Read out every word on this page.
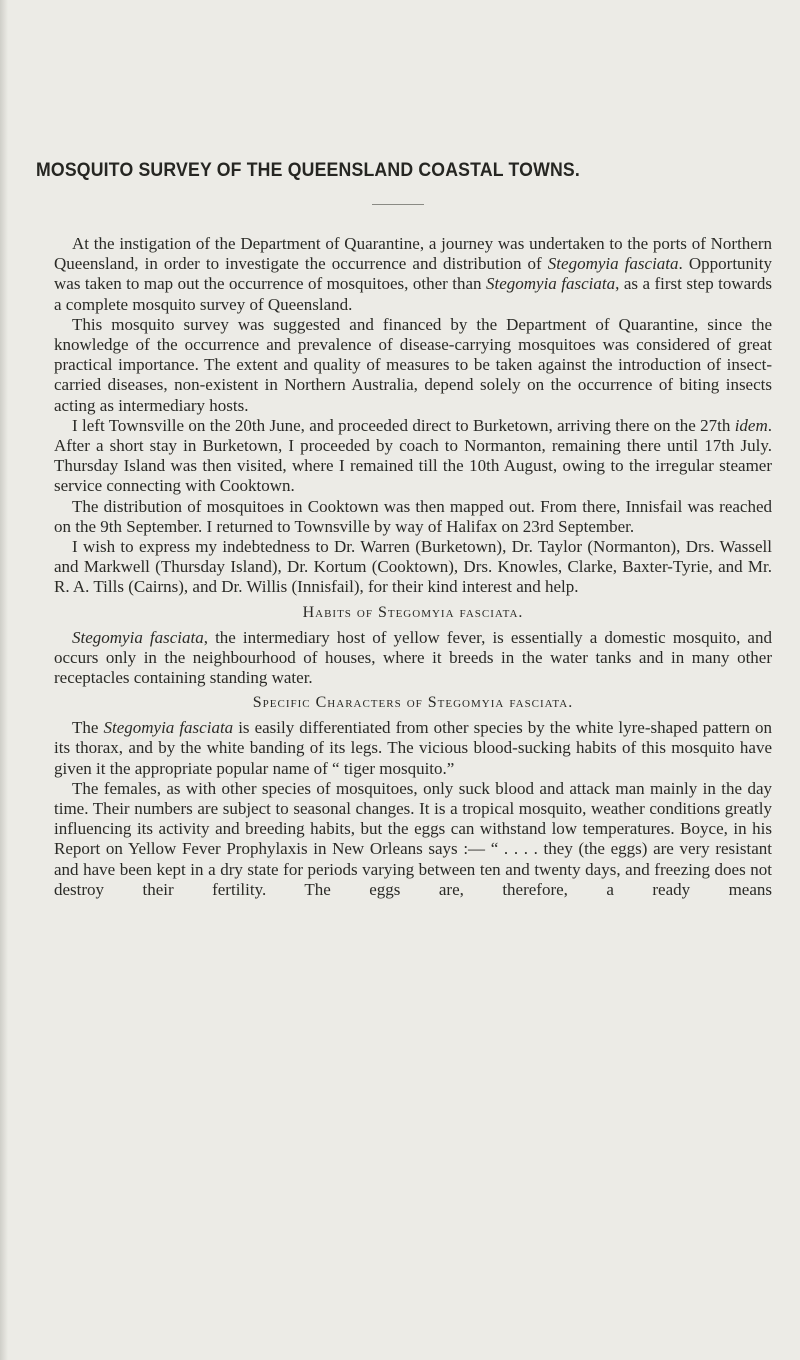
MOSQUITO SURVEY OF THE QUEENSLAND COASTAL TOWNS.

At the instigation of the Department of Quarantine, a journey was undertaken to the ports of Northern Queensland, in order to investigate the occurrence and distribution of Stegomyia fasciata. Opportunity was taken to map out the occurrence of mosquitoes, other than Stegomyia fasciata, as a first step towards a complete mosquito survey of Queensland.

This mosquito survey was suggested and financed by the Department of Quarantine, since the knowledge of the occurrence and prevalence of disease-carrying mosquitoes was considered of great practical importance. The extent and quality of measures to be taken against the introduction of insect-carried diseases, non-existent in Northern Australia, depend solely on the occurrence of biting insects acting as intermediary hosts.

I left Townsville on the 20th June, and proceeded direct to Burketown, arriving there on the 27th idem. After a short stay in Burketown, I proceeded by coach to Normanton, remaining there until 17th July. Thursday Island was then visited, where I remained till the 10th August, owing to the irregular steamer service connecting with Cooktown.

The distribution of mosquitoes in Cooktown was then mapped out. From there, Innisfail was reached on the 9th September. I returned to Townsville by way of Halifax on 23rd September.

I wish to express my indebtedness to Dr. Warren (Burketown), Dr. Taylor (Normanton), Drs. Wassell and Markwell (Thursday Island), Dr. Kortum (Cooktown), Drs. Knowles, Clarke, Baxter-Tyrie, and Mr. R. A. Tills (Cairns), and Dr. Willis (Innisfail), for their kind interest and help.

Habits of Stegomyia fasciata.

Stegomyia fasciata, the intermediary host of yellow fever, is essentially a domestic mosquito, and occurs only in the neighbourhood of houses, where it breeds in the water tanks and in many other receptacles containing standing water.

Specific Characters of Stegomyia fasciata.

The Stegomyia fasciata is easily differentiated from other species by the white lyre-shaped pattern on its thorax, and by the white banding of its legs. The vicious blood-sucking habits of this mosquito have given it the appropriate popular name of “ tiger mosquito.”

The females, as with other species of mosquitoes, only suck blood and attack man mainly in the day time. Their numbers are subject to seasonal changes. It is a tropical mosquito, weather conditions greatly influencing its activity and breeding habits, but the eggs can withstand low temperatures. Boyce, in his Report on Yellow Fever Prophylaxis in New Orleans says :— “ . . . . they (the eggs) are very resistant and have been kept in a dry state for periods varying between ten and twenty days, and freezing does not destroy their fertility. The eggs are, therefore, a ready means
